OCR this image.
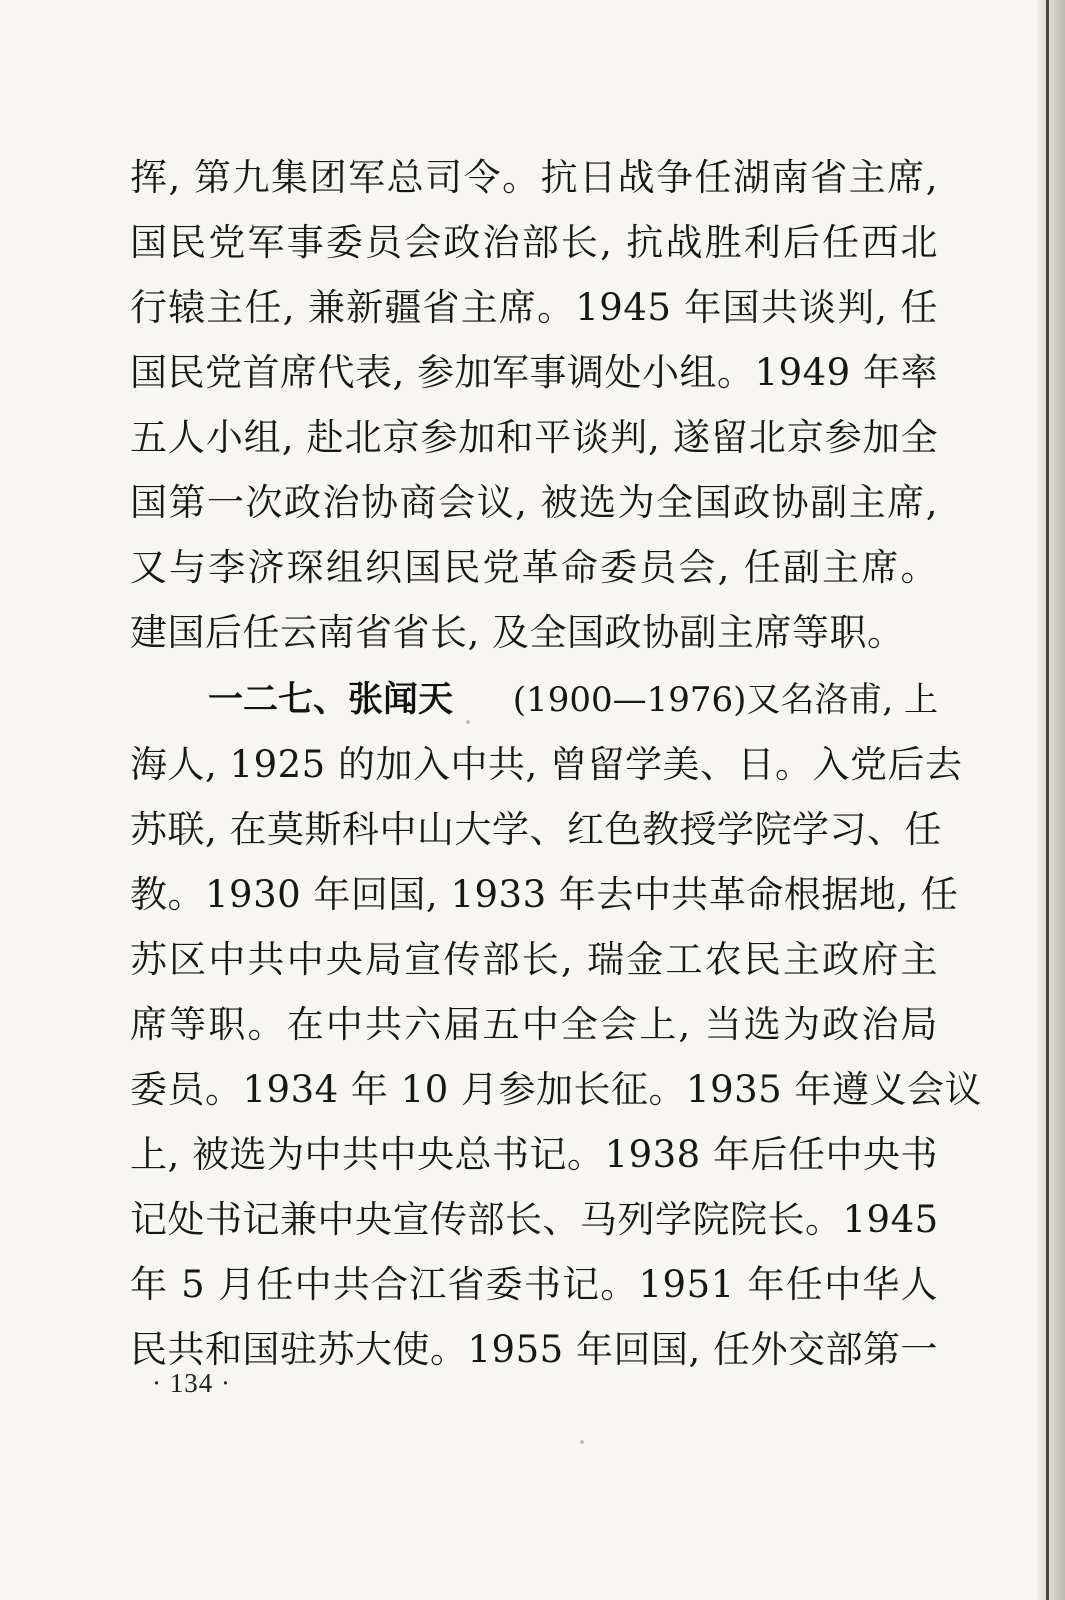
挥, 第九集团军总司令。抗日战争任湖南省主席,
国民党军事委员会政治部长, 抗战胜利后任西北
行辕主任, 兼新疆省主席。1945 年国共谈判, 任
国民党首席代表, 参加军事调处小组。1949 年率
五人小组, 赴北京参加和平谈判, 遂留北京参加全
国第一次政治协商会议, 被选为全国政协副主席,
又与李济琛组织国民党革命委员会, 任副主席。
建国后任云南省省长, 及全国政协副主席等职。
一二七、张闻天 (1900—1976)又名洛甫, 上
海人, 1925 的加入中共, 曾留学美、日。入党后去
苏联, 在莫斯科中山大学、红色教授学院学习、任
教。1930 年回国, 1933 年去中共革命根据地, 任
苏区中共中央局宣传部长, 瑞金工农民主政府主
席等职。在中共六届五中全会上, 当选为政治局
委员。1934 年 10 月参加长征。1935 年遵义会议
上, 被选为中共中央总书记。1938 年后任中央书
记处书记兼中央宣传部长、马列学院院长。1945
年 5 月任中共合江省委书记。1951 年任中华人
民共和国驻苏大使。1955 年回国, 任外交部第一
· 134 ·
